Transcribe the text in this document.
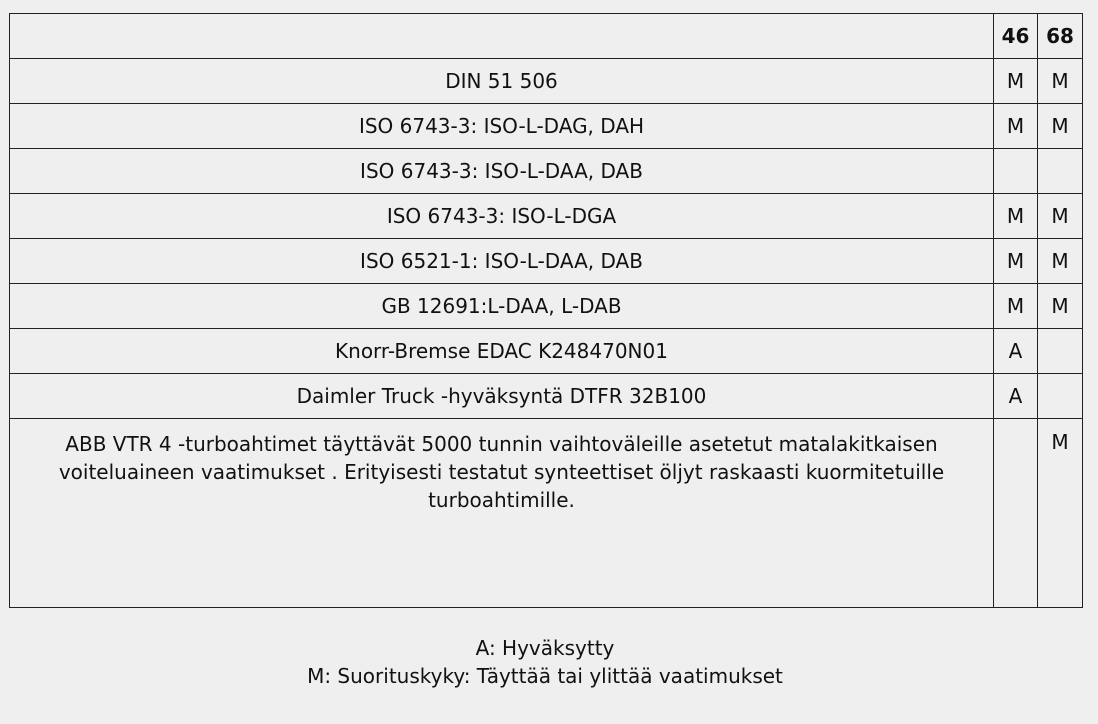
	46	68
DIN 51 506	M	M
ISO 6743-3: ISO-L-DAG, DAH	M	M
ISO 6743-3: ISO-L-DAA, DAB		
ISO 6743-3: ISO-L-DGA	M	M
ISO 6521-1: ISO-L-DAA, DAB	M	M
GB 12691:L-DAA, L-DAB	M	M
Knorr-Bremse EDAC K248470N01	A	
Daimler Truck -hyväksyntä DTFR 32B100	A	
ABB VTR 4 -turboahtimet täyttävät 5000 tunnin vaihtoväleille asetetut matalakitkaisen voiteluaineen vaatimukset . Erityisesti testatut synteettiset öljyt raskaasti kuormitetuille turboahtimille.		M
A: Hyväksytty
M: Suorituskyky: Täyttää tai ylittää vaatimukset
